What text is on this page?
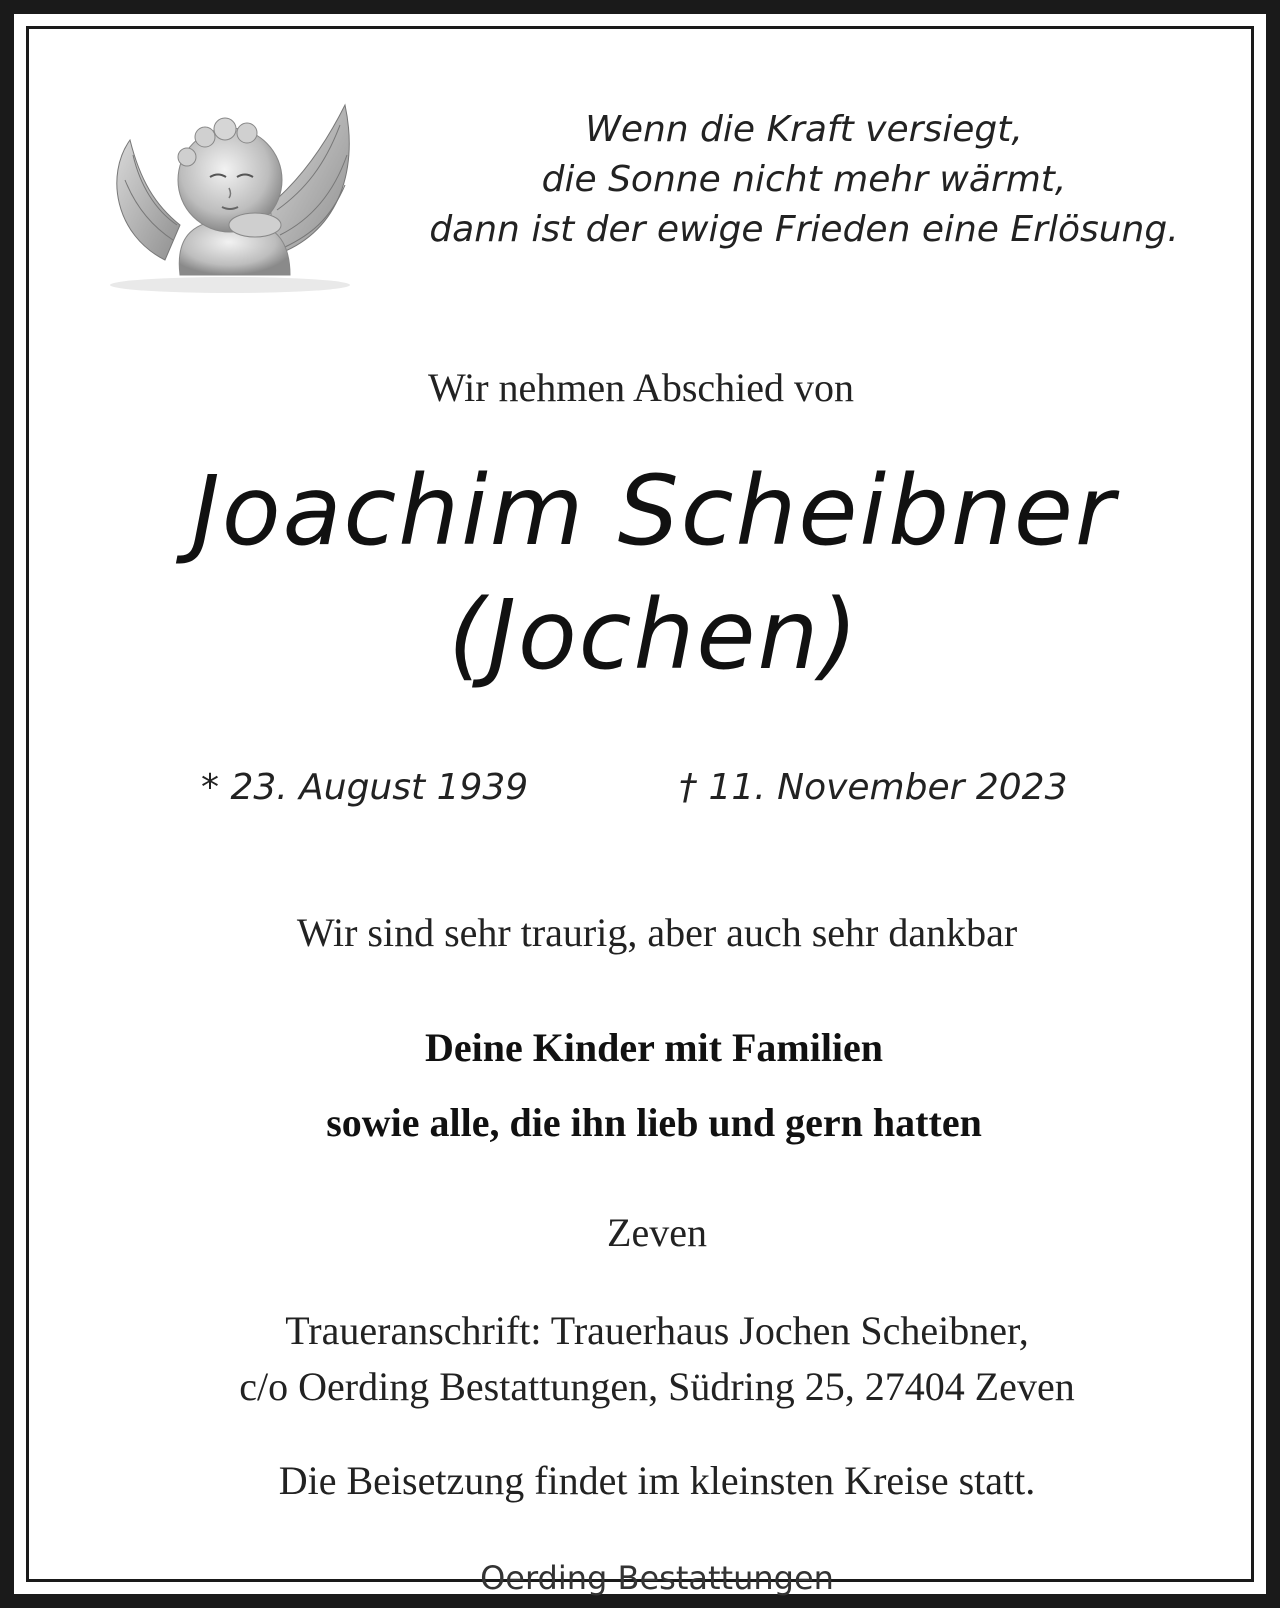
Wenn die Kraft versiegt,
die Sonne nicht mehr wärmt,
dann ist der ewige Frieden eine Erlösung.
Wir nehmen Abschied von
Joachim Scheibner
(Jochen)
* 23. August 1939	† 11. November 2023
Wir sind sehr traurig, aber auch sehr dankbar
Deine Kinder mit Familien
sowie alle, die ihn lieb und gern hatten
Zeven
Traueranschrift: Trauerhaus Jochen Scheibner,
c/o Oerding Bestattungen, Südring 25, 27404 Zeven
Die Beisetzung findet im kleinsten Kreise statt.
Oerding Bestattungen
